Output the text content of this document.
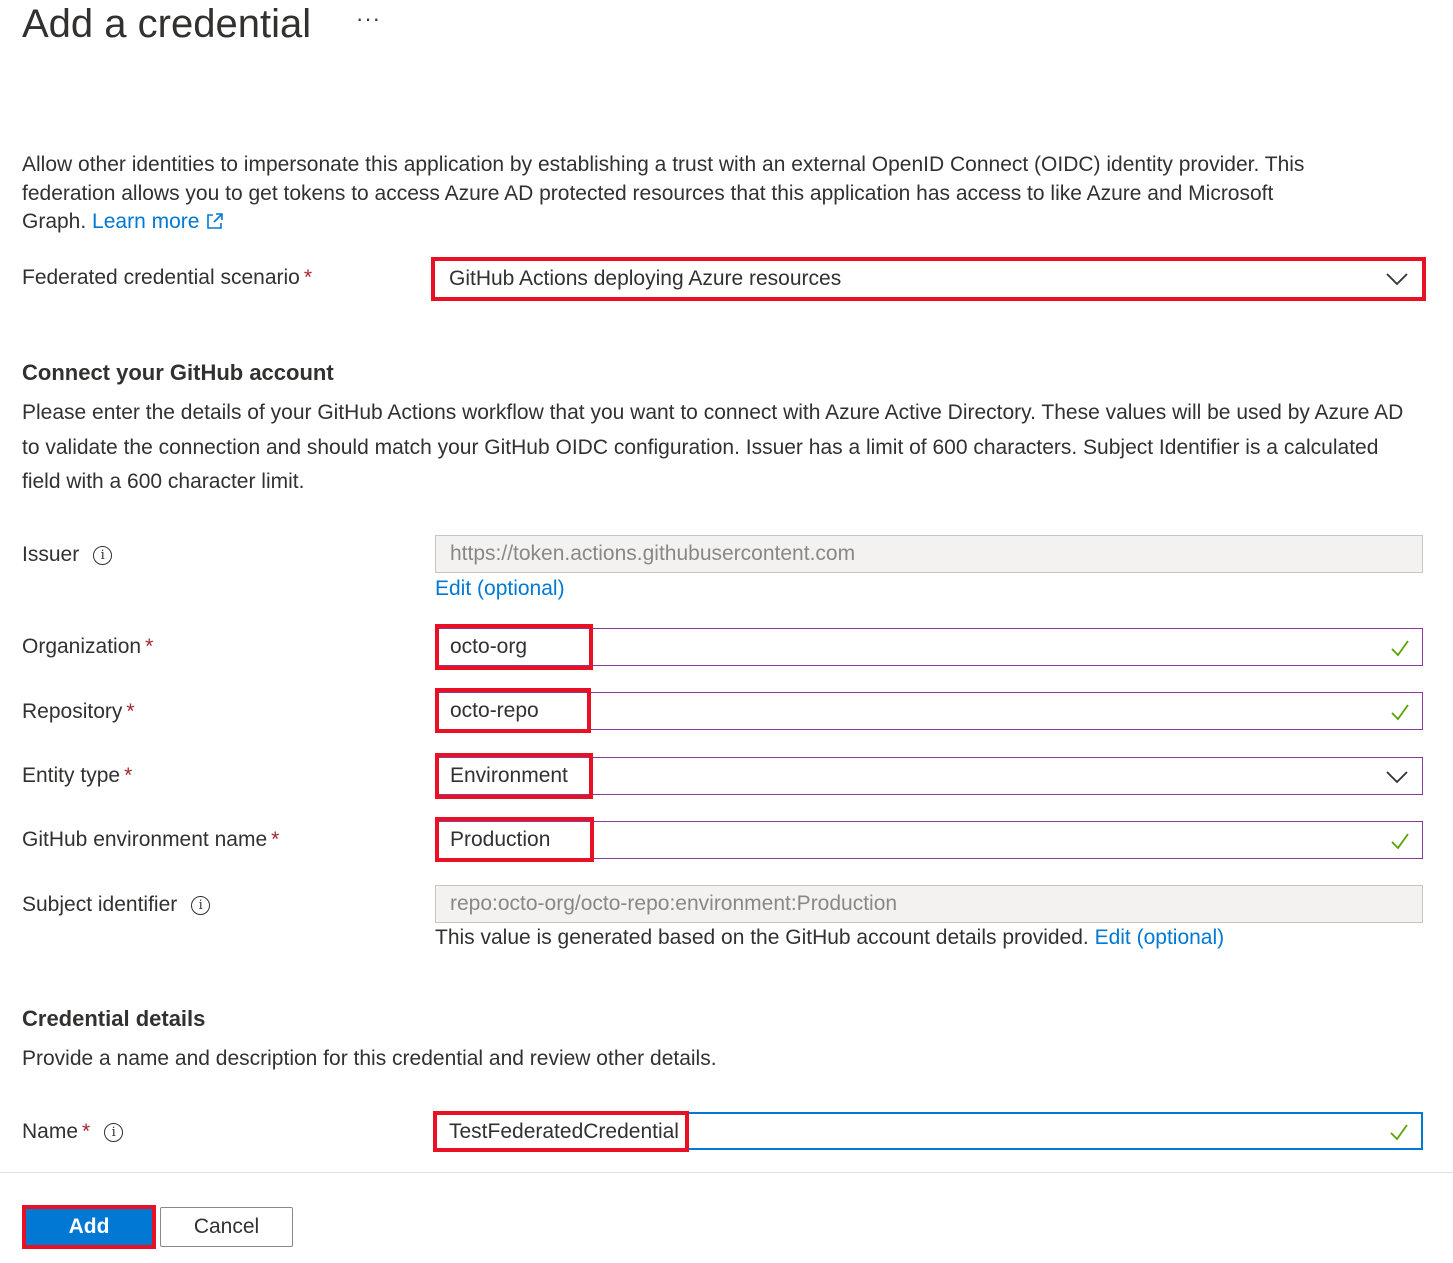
Add a credential ···
Allow other identities to impersonate this application by establishing a trust with an external OpenID Connect (OIDC) identity provider. This federation allows you to get tokens to access Azure AD protected resources that this application has access to like Azure and Microsoft Graph. Learn more
Federated credential scenario *	GitHub Actions deploying Azure resources
Connect your GitHub account
Please enter the details of your GitHub Actions workflow that you want to connect with Azure Active Directory. These values will be used by Azure AD to validate the connection and should match your GitHub OIDC configuration. Issuer has a limit of 600 characters. Subject Identifier is a calculated field with a 600 character limit.
Issuer i	https://token.actions.githubusercontent.com
Edit (optional)
Organization *	octo-org
Repository *	octo-repo
Entity type *	Environment
GitHub environment name *	Production
Subject identifier i	repo:octo-org/octo-repo:environment:Production
This value is generated based on the GitHub account details provided. Edit (optional)
Credential details
Provide a name and description for this credential and review other details.
Name * i	TestFederatedCredential
Add	Cancel
